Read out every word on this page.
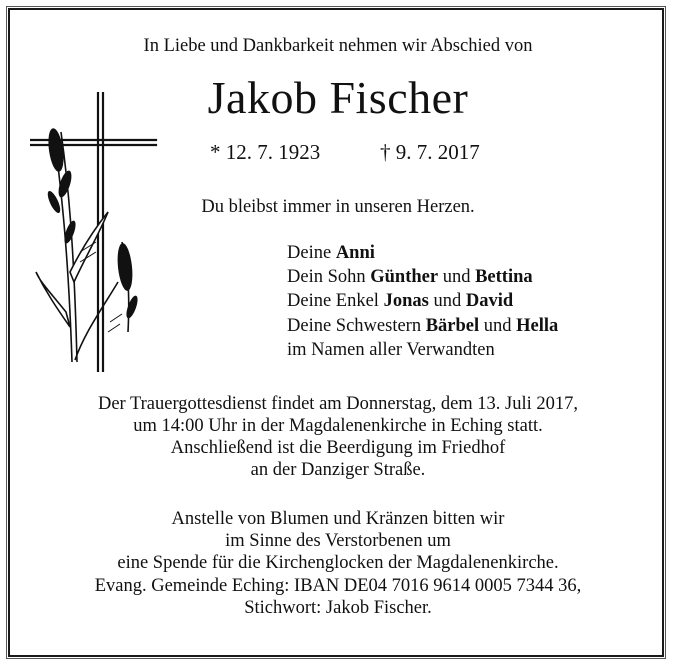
In Liebe und Dankbarkeit nehmen wir Abschied von
Jakob Fischer
* 12. 7. 1923	† 9. 7. 2017
Du bleibst immer in unseren Herzen.
Deine Anni
Dein Sohn Günther und Bettina
Deine Enkel Jonas und David
Deine Schwestern Bärbel und Hella
im Namen aller Verwandten
Der Trauergottesdienst findet am Donnerstag, dem 13. Juli 2017,
um 14:00 Uhr in der Magdalenenkirche in Eching statt.
Anschließend ist die Beerdigung im Friedhof
an der Danziger Straße.
Anstelle von Blumen und Kränzen bitten wir
im Sinne des Verstorbenen um
eine Spende für die Kirchenglocken der Magdalenenkirche.
Evang. Gemeinde Eching: IBAN DE04 7016 9614 0005 7344 36,
Stichwort: Jakob Fischer.
